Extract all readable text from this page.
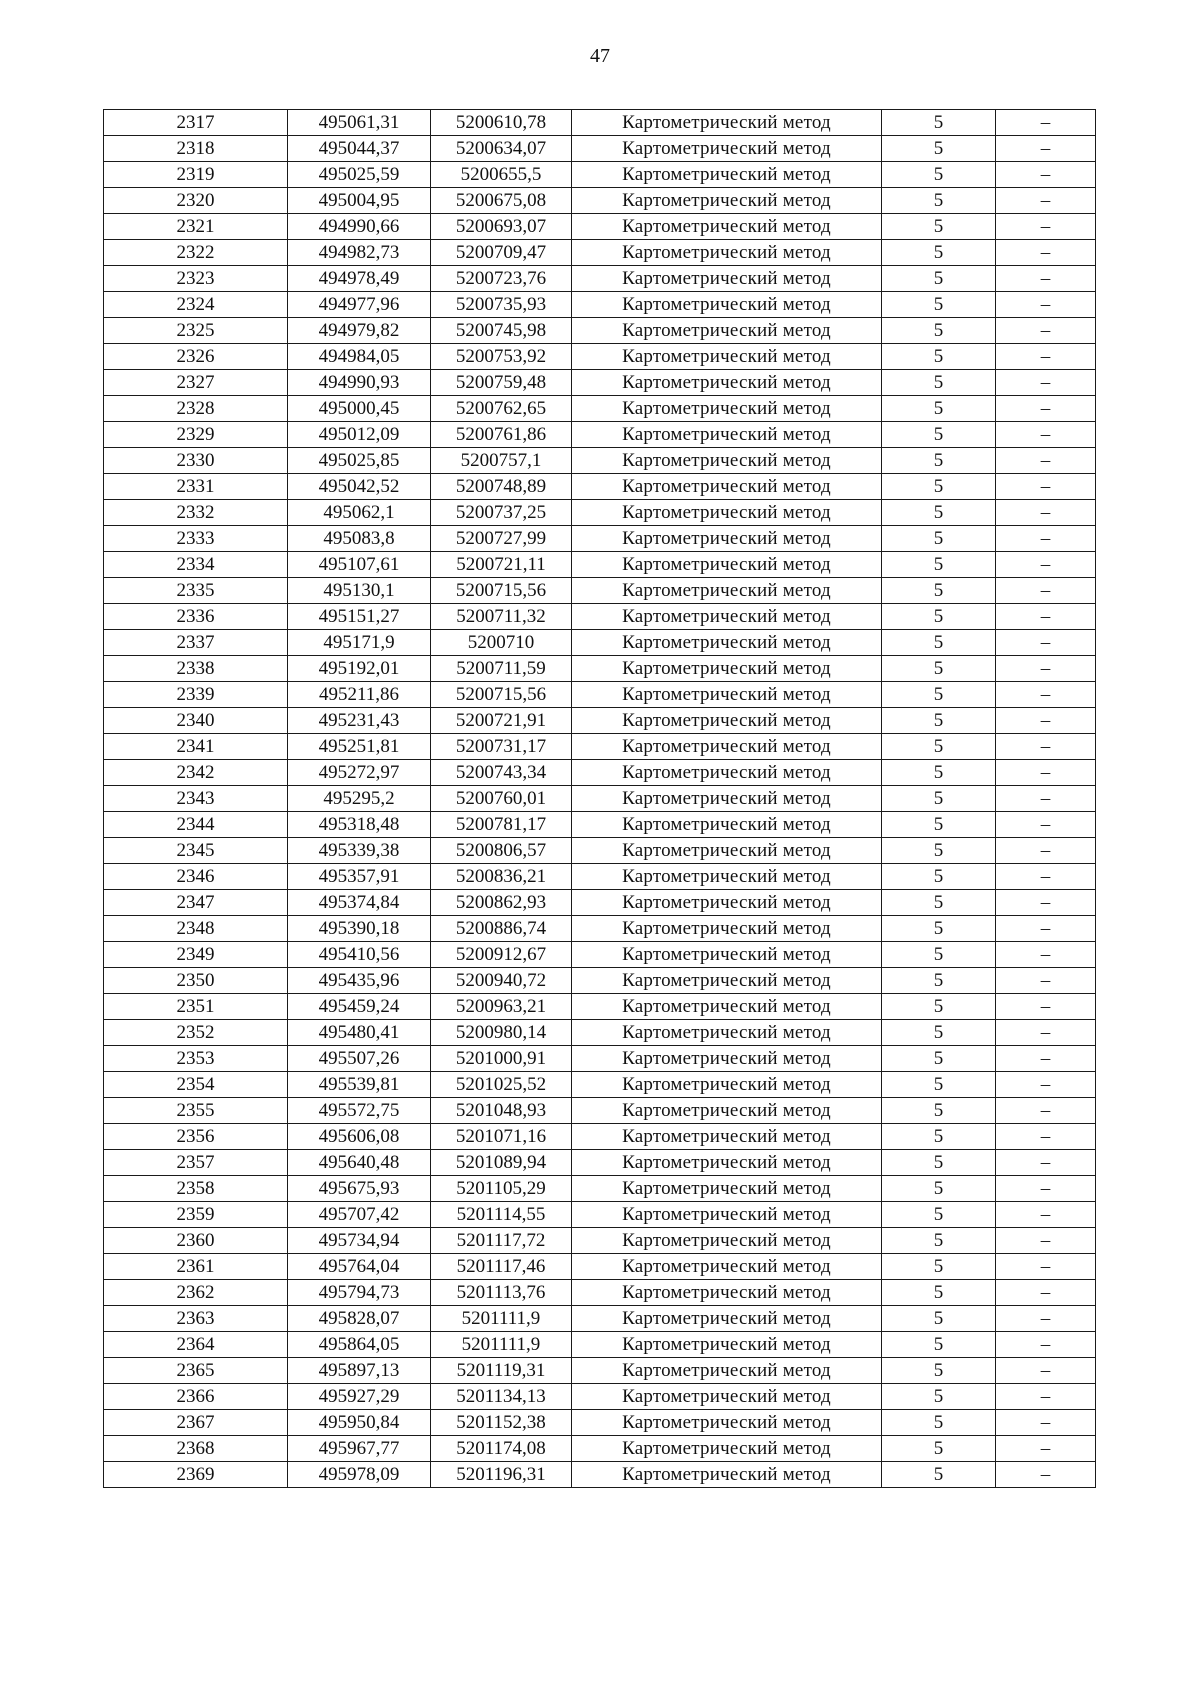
47
2317	495061,31	5200610,78	Картометрический метод	5	–
2318	495044,37	5200634,07	Картометрический метод	5	–
2319	495025,59	5200655,5	Картометрический метод	5	–
2320	495004,95	5200675,08	Картометрический метод	5	–
2321	494990,66	5200693,07	Картометрический метод	5	–
2322	494982,73	5200709,47	Картометрический метод	5	–
2323	494978,49	5200723,76	Картометрический метод	5	–
2324	494977,96	5200735,93	Картометрический метод	5	–
2325	494979,82	5200745,98	Картометрический метод	5	–
2326	494984,05	5200753,92	Картометрический метод	5	–
2327	494990,93	5200759,48	Картометрический метод	5	–
2328	495000,45	5200762,65	Картометрический метод	5	–
2329	495012,09	5200761,86	Картометрический метод	5	–
2330	495025,85	5200757,1	Картометрический метод	5	–
2331	495042,52	5200748,89	Картометрический метод	5	–
2332	495062,1	5200737,25	Картометрический метод	5	–
2333	495083,8	5200727,99	Картометрический метод	5	–
2334	495107,61	5200721,11	Картометрический метод	5	–
2335	495130,1	5200715,56	Картометрический метод	5	–
2336	495151,27	5200711,32	Картометрический метод	5	–
2337	495171,9	5200710	Картометрический метод	5	–
2338	495192,01	5200711,59	Картометрический метод	5	–
2339	495211,86	5200715,56	Картометрический метод	5	–
2340	495231,43	5200721,91	Картометрический метод	5	–
2341	495251,81	5200731,17	Картометрический метод	5	–
2342	495272,97	5200743,34	Картометрический метод	5	–
2343	495295,2	5200760,01	Картометрический метод	5	–
2344	495318,48	5200781,17	Картометрический метод	5	–
2345	495339,38	5200806,57	Картометрический метод	5	–
2346	495357,91	5200836,21	Картометрический метод	5	–
2347	495374,84	5200862,93	Картометрический метод	5	–
2348	495390,18	5200886,74	Картометрический метод	5	–
2349	495410,56	5200912,67	Картометрический метод	5	–
2350	495435,96	5200940,72	Картометрический метод	5	–
2351	495459,24	5200963,21	Картометрический метод	5	–
2352	495480,41	5200980,14	Картометрический метод	5	–
2353	495507,26	5201000,91	Картометрический метод	5	–
2354	495539,81	5201025,52	Картометрический метод	5	–
2355	495572,75	5201048,93	Картометрический метод	5	–
2356	495606,08	5201071,16	Картометрический метод	5	–
2357	495640,48	5201089,94	Картометрический метод	5	–
2358	495675,93	5201105,29	Картометрический метод	5	–
2359	495707,42	5201114,55	Картометрический метод	5	–
2360	495734,94	5201117,72	Картометрический метод	5	–
2361	495764,04	5201117,46	Картометрический метод	5	–
2362	495794,73	5201113,76	Картометрический метод	5	–
2363	495828,07	5201111,9	Картометрический метод	5	–
2364	495864,05	5201111,9	Картометрический метод	5	–
2365	495897,13	5201119,31	Картометрический метод	5	–
2366	495927,29	5201134,13	Картометрический метод	5	–
2367	495950,84	5201152,38	Картометрический метод	5	–
2368	495967,77	5201174,08	Картометрический метод	5	–
2369	495978,09	5201196,31	Картометрический метод	5	–
